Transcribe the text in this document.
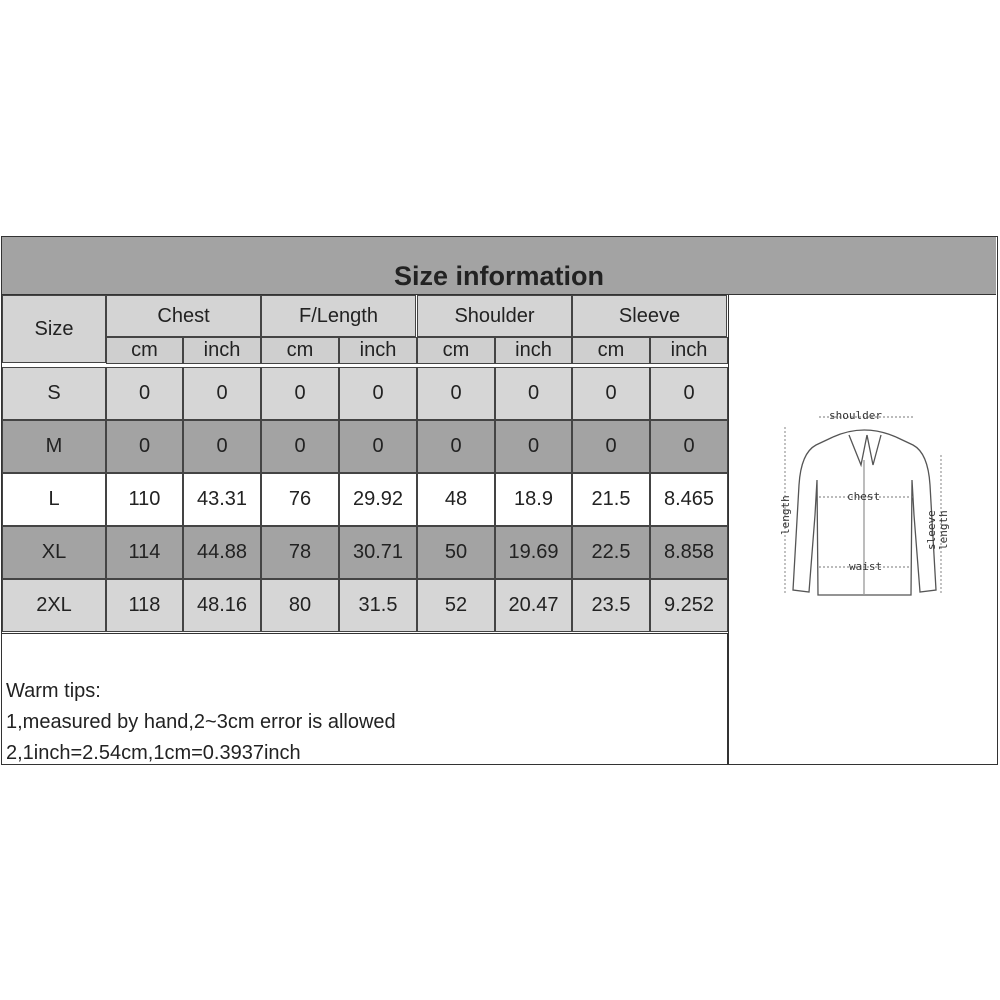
Size information
Size
Chest
cm	inch
F/Length
cm	inch
Shoulder
cm	inch
Sleeve
cm	inch
S	0	0	0	0	0	0	0	0
M	0	0	0	0	0	0	0	0
L	110	43.31	76	29.92	48	18.9	21.5	8.465
XL	114	44.88	78	30.71	50	19.69	22.5	8.858
2XL	118	48.16	80	31.5	52	20.47	23.5	9.252
Warm tips:
1,measured by hand,2~3cm error is allowed
2,1inch=2.54cm,1cm=0.3937inch
shoulder
chest
waist
length	sleeve length
